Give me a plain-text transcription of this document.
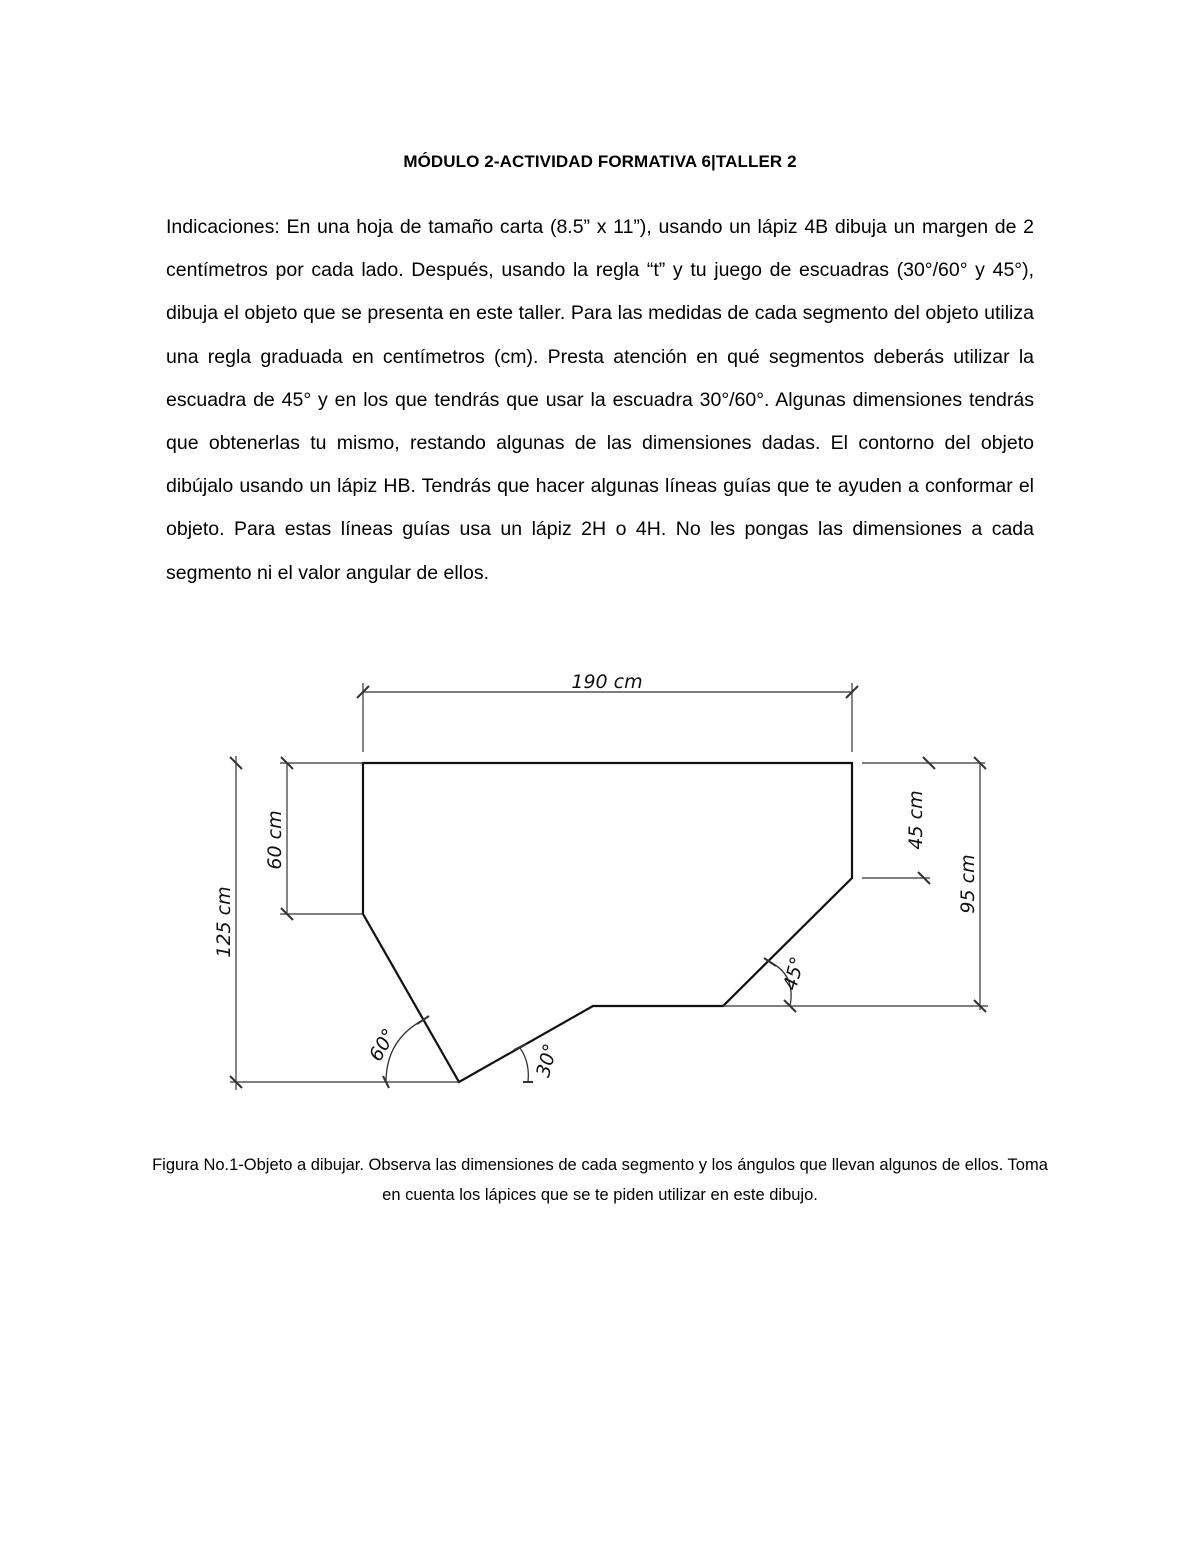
MÓDULO 2-ACTIVIDAD FORMATIVA 6|TALLER 2

Indicaciones: En una hoja de tamaño carta (8.5” x 11”), usando un lápiz 4B dibuja un margen de 2 centímetros por cada lado. Después, usando la regla “t” y tu juego de escuadras (30°/60° y 45°), dibuja el objeto que se presenta en este taller. Para las medidas de cada segmento del objeto utiliza una regla graduada en centímetros (cm). Presta atención en qué segmentos deberás utilizar la escuadra de 45° y en los que tendrás que usar la escuadra 30°/60°. Algunas dimensiones tendrás que obtenerlas tu mismo, restando algunas de las dimensiones dadas. El contorno del objeto dibújalo usando un lápiz HB. Tendrás que hacer algunas líneas guías que te ayuden a conformar el objeto. Para estas líneas guías usa un lápiz 2H o 4H. No les pongas las dimensiones a cada segmento ni el valor angular de ellos.

190 cm
60 cm
125 cm
45 cm
95 cm
60°	30°
45°

Figura No.1-Objeto a dibujar. Observa las dimensiones de cada segmento y los ángulos que llevan algunos de ellos. Toma en cuenta los lápices que se te piden utilizar en este dibujo.
